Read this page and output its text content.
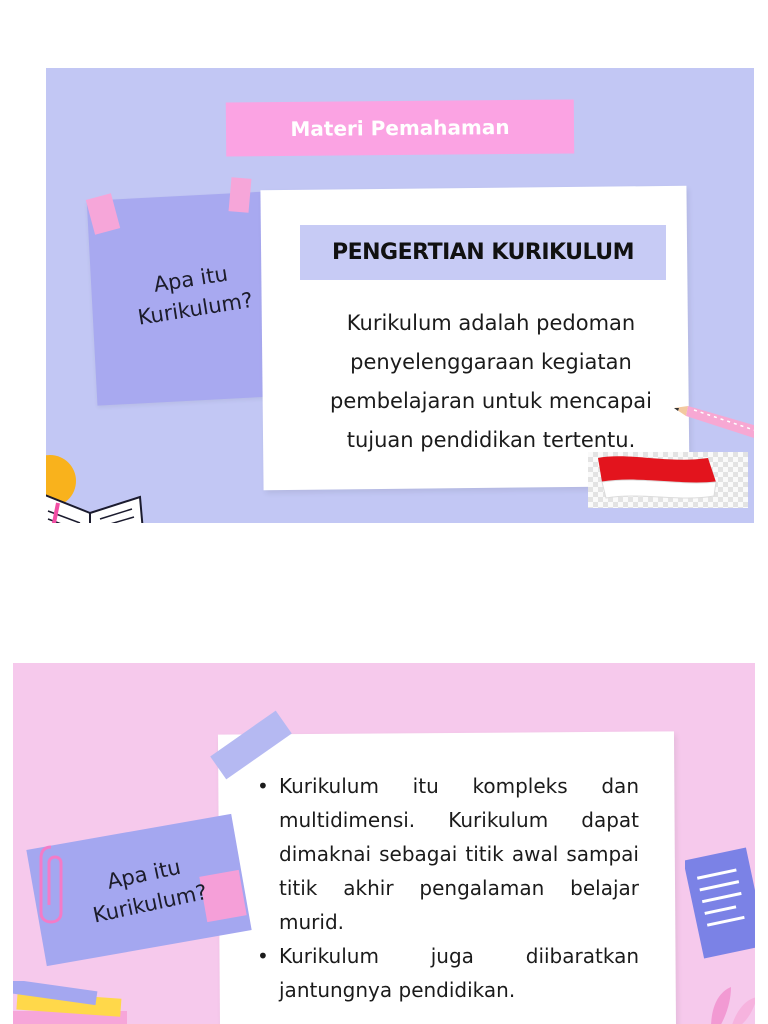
Materi Pemahaman
Apa itu Kurikulum?
PENGERTIAN KURIKULUM
Kurikulum adalah pedoman penyelenggaraan kegiatan pembelajaran untuk mencapai tujuan pendidikan tertentu.
Apa itu Kurikulum?
• Kurikulum itu kompleks dan multidimensi. Kurikulum dapat dimaknai sebagai titik awal sampai titik akhir pengalaman belajar murid.
• Kurikulum juga diibaratkan jantungnya pendidikan.
